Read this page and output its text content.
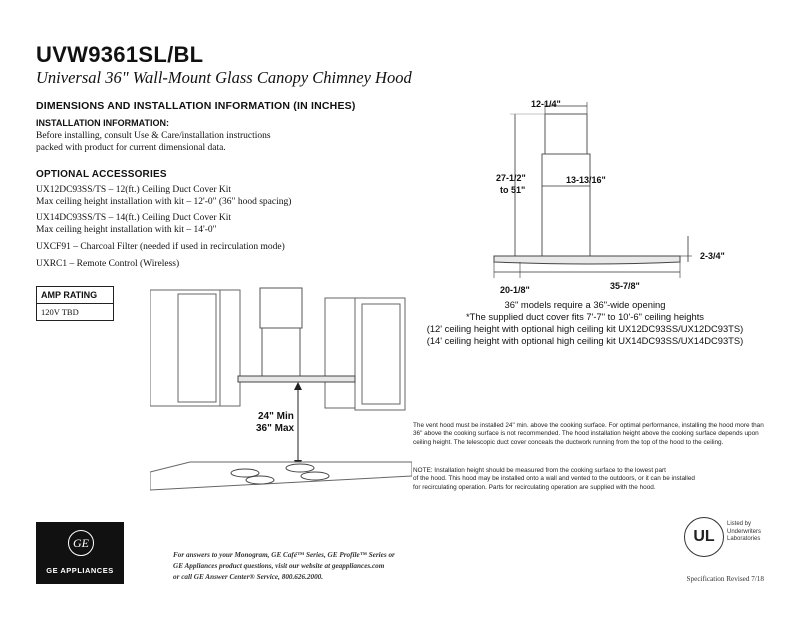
UVW9361SL/BL
Universal 36" Wall-Mount Glass Canopy Chimney Hood
DIMENSIONS AND INSTALLATION INFORMATION (IN INCHES)
INSTALLATION INFORMATION:
Before installing, consult Use & Care/installation instructions
packed with product for current dimensional data.
OPTIONAL ACCESSORIES
UX12DC93SS/TS – 12(ft.) Ceiling Duct Cover Kit
Max ceiling height installation with kit – 12'-0" (36" hood spacing)
UX14DC93SS/TS – 14(ft.) Ceiling Duct Cover Kit
Max ceiling height installation with kit – 14'-0"
UXCF91 – Charcoal Filter (needed if used in recirculation mode)
UXRC1 – Remote Control (Wireless)
AMP RATING
120V TBD
12-1/4"
27-1/2"
to 51"
13-13/16"
2-3/4"
20-1/8"	35-7/8"
36" models require a 36"-wide opening
*The supplied duct cover fits 7'-7" to 10'-6" ceiling heights
(12' ceiling height with optional high ceiling kit UX12DC93SS/UX12DC93TS)
(14' ceiling height with optional high ceiling kit UX14DC93SS/UX14DC93TS)
24" Min
36" Max	The vent hood must be installed 24" min. above the cooking surface. For optimal performance, installing the hood more than 36" above the cooking surface is not recommended. The hood installation height above the cooking surface depends upon ceiling height. The telescopic duct cover conceals the ductwork running from the top of the hood to the ceiling.
NOTE: Installation height should be measured from the cooking surface to the lowest part
of the hood. This hood may be installed onto a wall and vented to the outdoors, or it can be installed
for recirculating operation. Parts for recirculating operation are supplied with the hood.
GE
GE APPLIANCES
For answers to your Monogram, GE Café™ Series, GE Profile™ Series or
GE Appliances product questions, visit our website at geappliances.com
or call GE Answer Center® Service, 800.626.2000.
UL
Listed by
Underwriters
Laboratories
Specification Revised 7/18
